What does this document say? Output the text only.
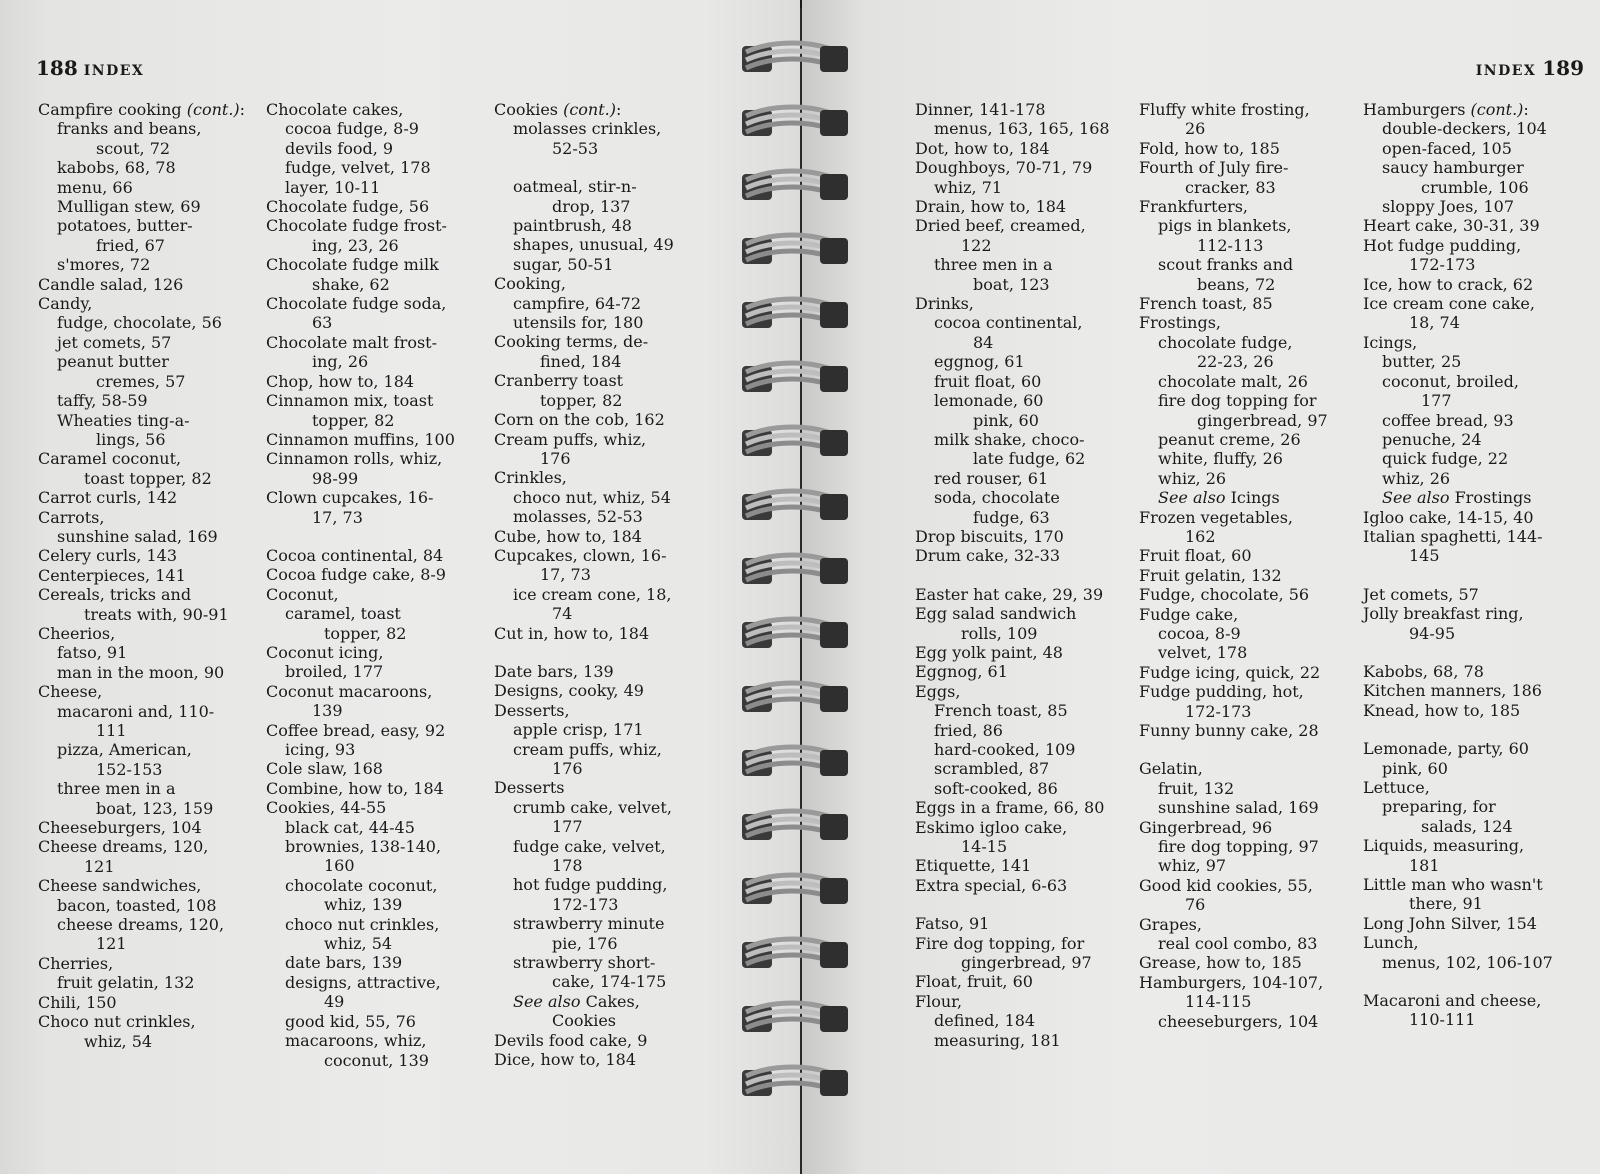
188 INDEX
Campfire cooking (cont.):
franks and beans,
scout, 72
kabobs, 68, 78
menu, 66
Mulligan stew, 69
potatoes, butter-
fried, 67
s'mores, 72
Candle salad, 126
Candy,
fudge, chocolate, 56
jet comets, 57
peanut butter
cremes, 57
taffy, 58-59
Wheaties ting-a-
lings, 56
Caramel coconut,
toast topper, 82
Carrot curls, 142
Carrots,
sunshine salad, 169
Celery curls, 143
Centerpieces, 141
Cereals, tricks and
treats with, 90-91
Cheerios,
fatso, 91
man in the moon, 90
Cheese,
macaroni and, 110-
111
pizza, American,
152-153
three men in a
boat, 123, 159
Cheeseburgers, 104
Cheese dreams, 120,
121
Cheese sandwiches,
bacon, toasted, 108
cheese dreams, 120,
121
Cherries,
fruit gelatin, 132
Chili, 150
Choco nut crinkles,
whiz, 54
Chocolate cakes,
cocoa fudge, 8-9
devils food, 9
fudge, velvet, 178
layer, 10-11
Chocolate fudge, 56
Chocolate fudge frost-
ing, 23, 26
Chocolate fudge milk
shake, 62
Chocolate fudge soda,
63
Chocolate malt frost-
ing, 26
Chop, how to, 184
Cinnamon mix, toast
topper, 82
Cinnamon muffins, 100
Cinnamon rolls, whiz,
98-99
Clown cupcakes, 16-
17, 73
Cocoa continental, 84
Cocoa fudge cake, 8-9
Coconut,
caramel, toast
topper, 82
Coconut icing,
broiled, 177
Coconut macaroons,
139
Coffee bread, easy, 92
icing, 93
Cole slaw, 168
Combine, how to, 184
Cookies, 44-55
black cat, 44-45
brownies, 138-140,
160
chocolate coconut,
whiz, 139
choco nut crinkles,
whiz, 54
date bars, 139
designs, attractive,
49
good kid, 55, 76
macaroons, whiz,
coconut, 139
Cookies (cont.):
molasses crinkles,
52-53
oatmeal, stir-n-
drop, 137
paintbrush, 48
shapes, unusual, 49
sugar, 50-51
Cooking,
campfire, 64-72
utensils for, 180
Cooking terms, de-
fined, 184
Cranberry toast
topper, 82
Corn on the cob, 162
Cream puffs, whiz,
176
Crinkles,
choco nut, whiz, 54
molasses, 52-53
Cube, how to, 184
Cupcakes, clown, 16-
17, 73
ice cream cone, 18,
74
Cut in, how to, 184
Date bars, 139
Designs, cooky, 49
Desserts,
apple crisp, 171
cream puffs, whiz,
176
Desserts
crumb cake, velvet,
177
fudge cake, velvet,
178
hot fudge pudding,
172-173
strawberry minute
pie, 176
strawberry short-
cake, 174-175
See also Cakes,
Cookies
Devils food cake, 9
Dice, how to, 184
INDEX 189
Dinner, 141-178
menus, 163, 165, 168
Dot, how to, 184
Doughboys, 70-71, 79
whiz, 71
Drain, how to, 184
Dried beef, creamed,
122
three men in a
boat, 123
Drinks,
cocoa continental,
84
eggnog, 61
fruit float, 60
lemonade, 60
pink, 60
milk shake, choco-
late fudge, 62
red rouser, 61
soda, chocolate
fudge, 63
Drop biscuits, 170
Drum cake, 32-33
Easter hat cake, 29, 39
Egg salad sandwich
rolls, 109
Egg yolk paint, 48
Eggnog, 61
Eggs,
French toast, 85
fried, 86
hard-cooked, 109
scrambled, 87
soft-cooked, 86
Eggs in a frame, 66, 80
Eskimo igloo cake,
14-15
Etiquette, 141
Extra special, 6-63
Fatso, 91
Fire dog topping, for
gingerbread, 97
Float, fruit, 60
Flour,
defined, 184
measuring, 181
Fluffy white frosting,
26
Fold, how to, 185
Fourth of July fire-
cracker, 83
Frankfurters,
pigs in blankets,
112-113
scout franks and
beans, 72
French toast, 85
Frostings,
chocolate fudge,
22-23, 26
chocolate malt, 26
fire dog topping for
gingerbread, 97
peanut creme, 26
white, fluffy, 26
whiz, 26
See also Icings
Frozen vegetables,
162
Fruit float, 60
Fruit gelatin, 132
Fudge, chocolate, 56
Fudge cake,
cocoa, 8-9
velvet, 178
Fudge icing, quick, 22
Fudge pudding, hot,
172-173
Funny bunny cake, 28
Gelatin,
fruit, 132
sunshine salad, 169
Gingerbread, 96
fire dog topping, 97
whiz, 97
Good kid cookies, 55,
76
Grapes,
real cool combo, 83
Grease, how to, 185
Hamburgers, 104-107,
114-115
cheeseburgers, 104
Hamburgers (cont.):
double-deckers, 104
open-faced, 105
saucy hamburger
crumble, 106
sloppy Joes, 107
Heart cake, 30-31, 39
Hot fudge pudding,
172-173
Ice, how to crack, 62
Ice cream cone cake,
18, 74
Icings,
butter, 25
coconut, broiled,
177
coffee bread, 93
penuche, 24
quick fudge, 22
whiz, 26
See also Frostings
Igloo cake, 14-15, 40
Italian spaghetti, 144-
145
Jet comets, 57
Jolly breakfast ring,
94-95
Kabobs, 68, 78
Kitchen manners, 186
Knead, how to, 185
Lemonade, party, 60
pink, 60
Lettuce,
preparing, for
salads, 124
Liquids, measuring,
181
Little man who wasn't
there, 91
Long John Silver, 154
Lunch,
menus, 102, 106-107
Macaroni and cheese,
110-111
